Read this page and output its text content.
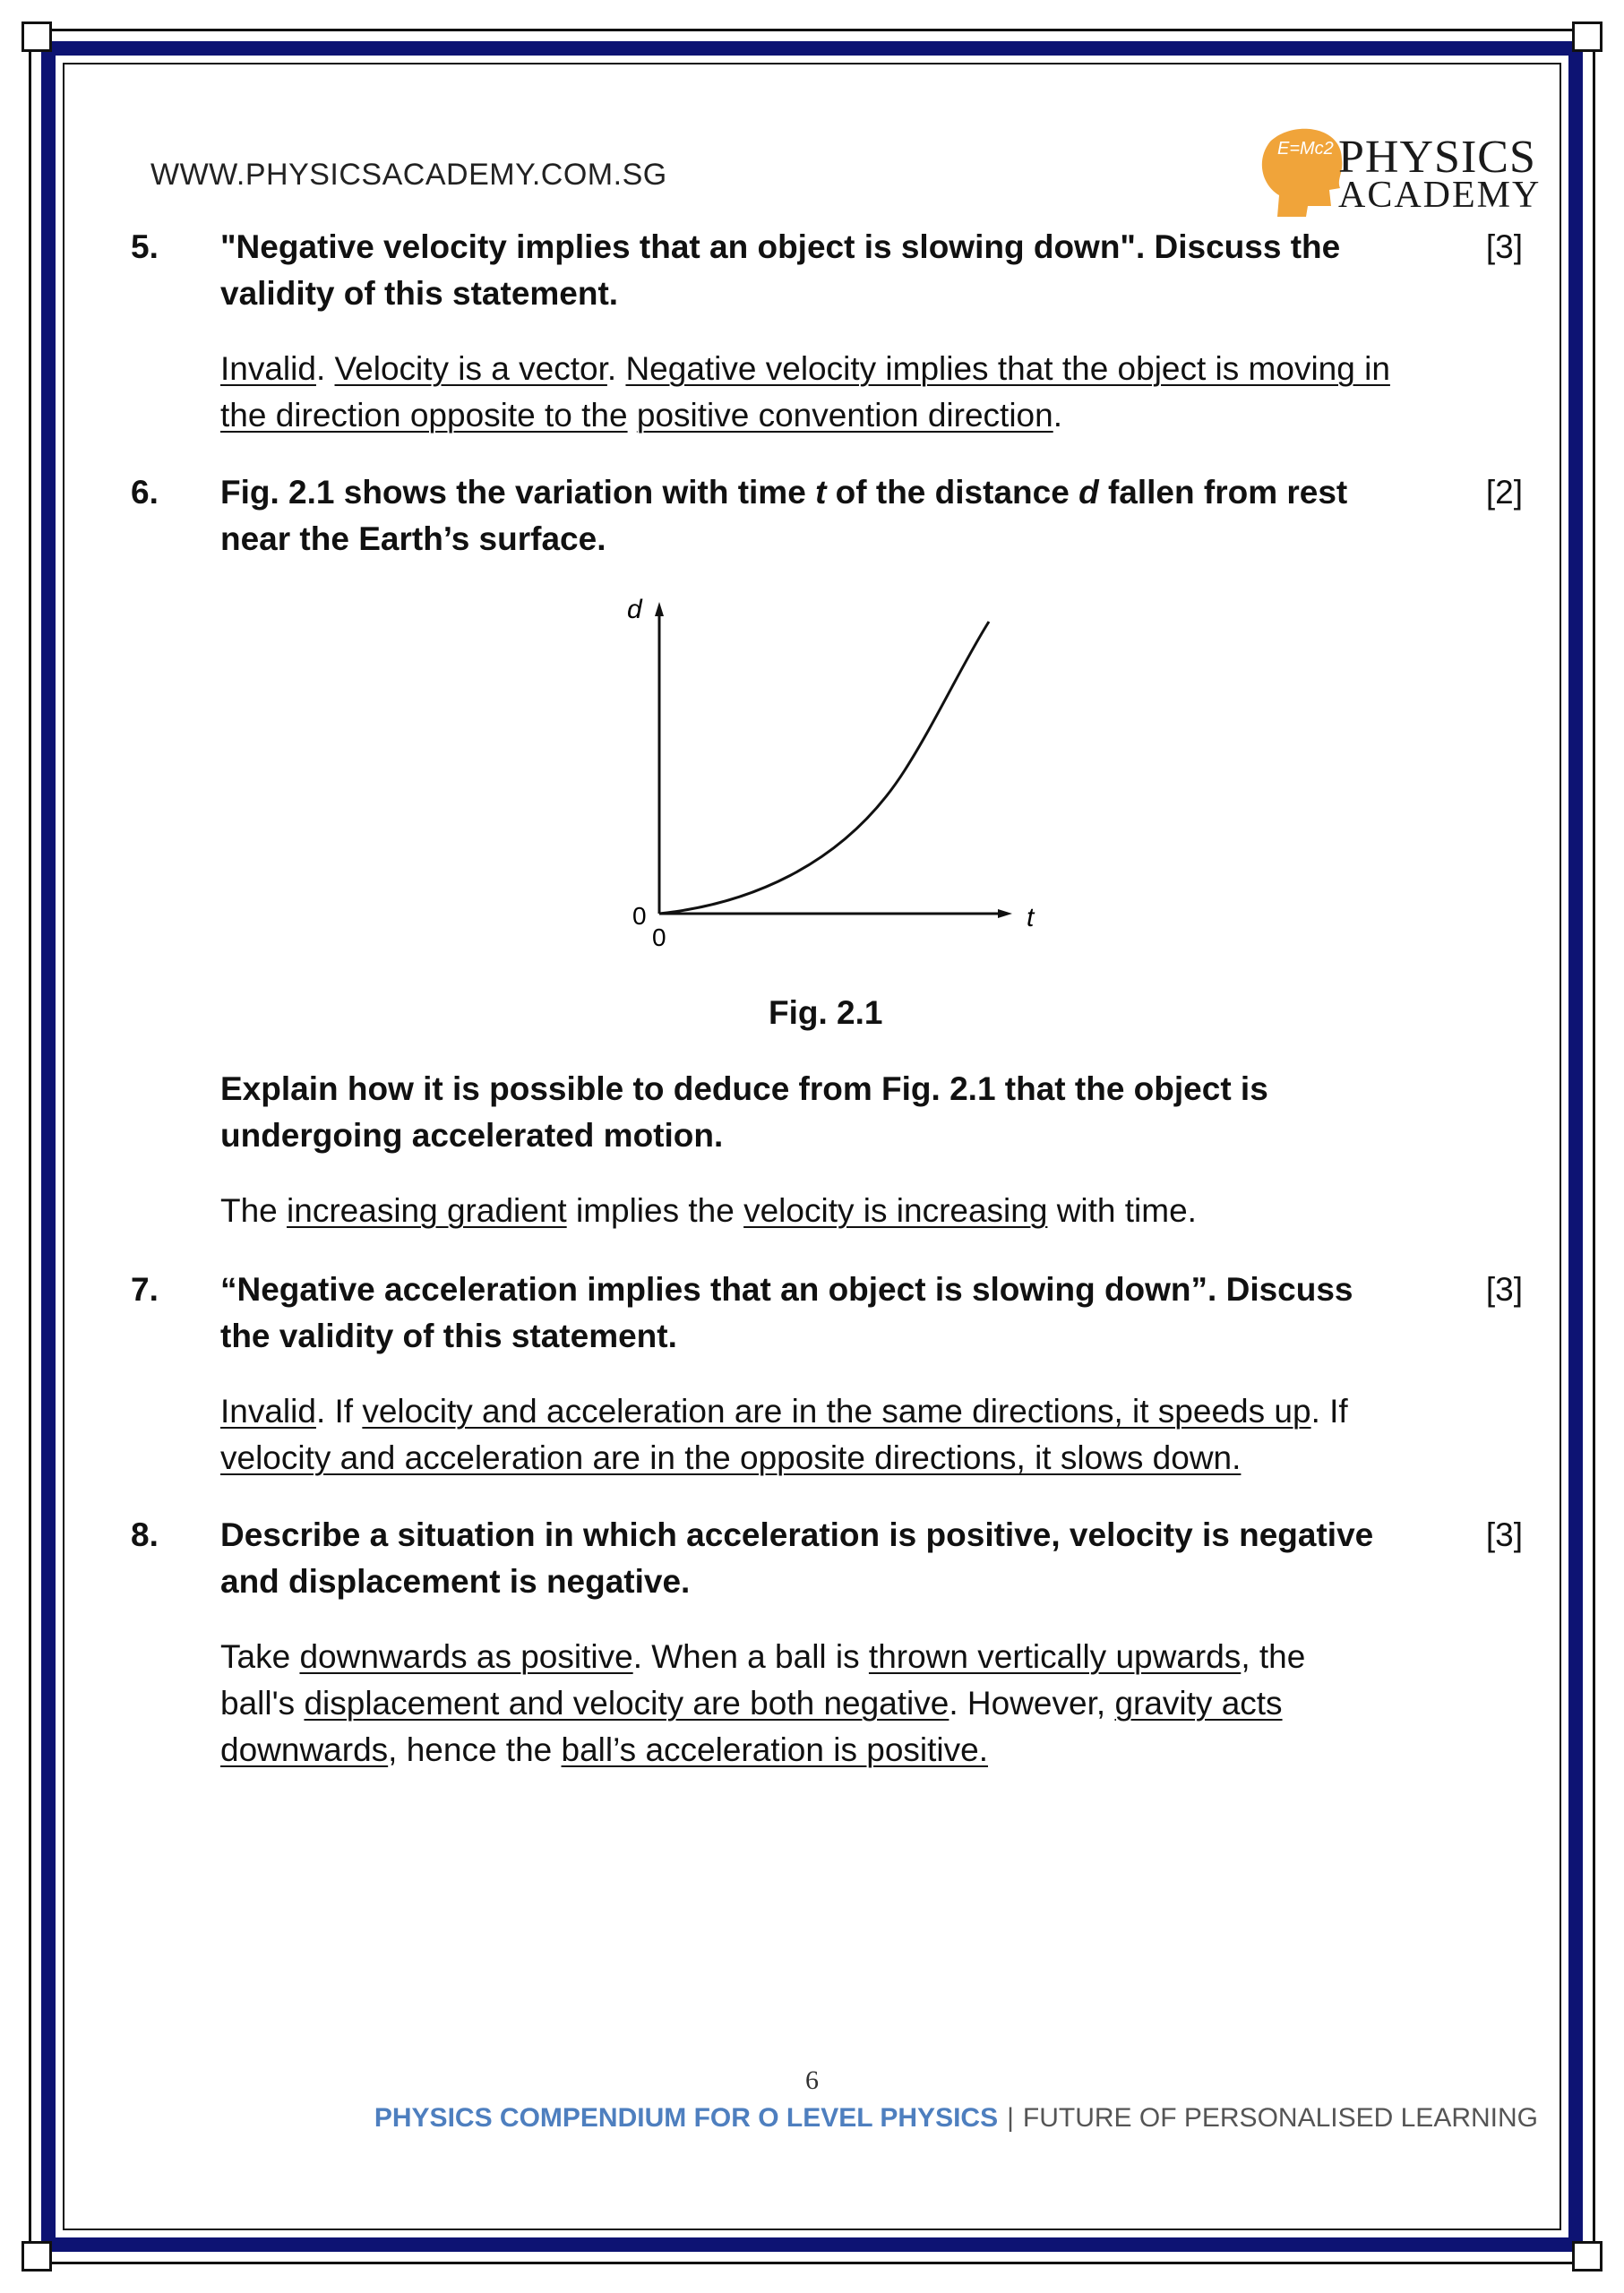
WWW.PHYSICSACADEMY.COM.SG
E=Mc2 PHYSICS
ACADEMY
5. "Negative velocity implies that an object is slowing down". Discuss the validity of this statement.
[3]
Invalid. Velocity is a vector. Negative velocity implies that the object is moving in the direction opposite to the positive convention direction.
6. Fig. 2.1 shows the variation with time t of the distance d fallen from rest near the Earth’s surface.
[2]
d
t
0
0
Fig. 2.1
Explain how it is possible to deduce from Fig. 2.1 that the object is undergoing accelerated motion.
The increasing gradient implies the velocity is increasing with time.
7. “Negative acceleration implies that an object is slowing down”. Discuss the validity of this statement.
[3]
Invalid. If velocity and acceleration are in the same directions, it speeds up. If velocity and acceleration are in the opposite directions, it slows down.
8. Describe a situation in which acceleration is positive, velocity is negative and displacement is negative.
[3]
Take downwards as positive. When a ball is thrown vertically upwards, the ball's displacement and velocity are both negative. However, gravity acts downwards, hence the ball’s acceleration is positive.
6
PHYSICS COMPENDIUM FOR O LEVEL PHYSICS | FUTURE OF PERSONALISED LEARNING
